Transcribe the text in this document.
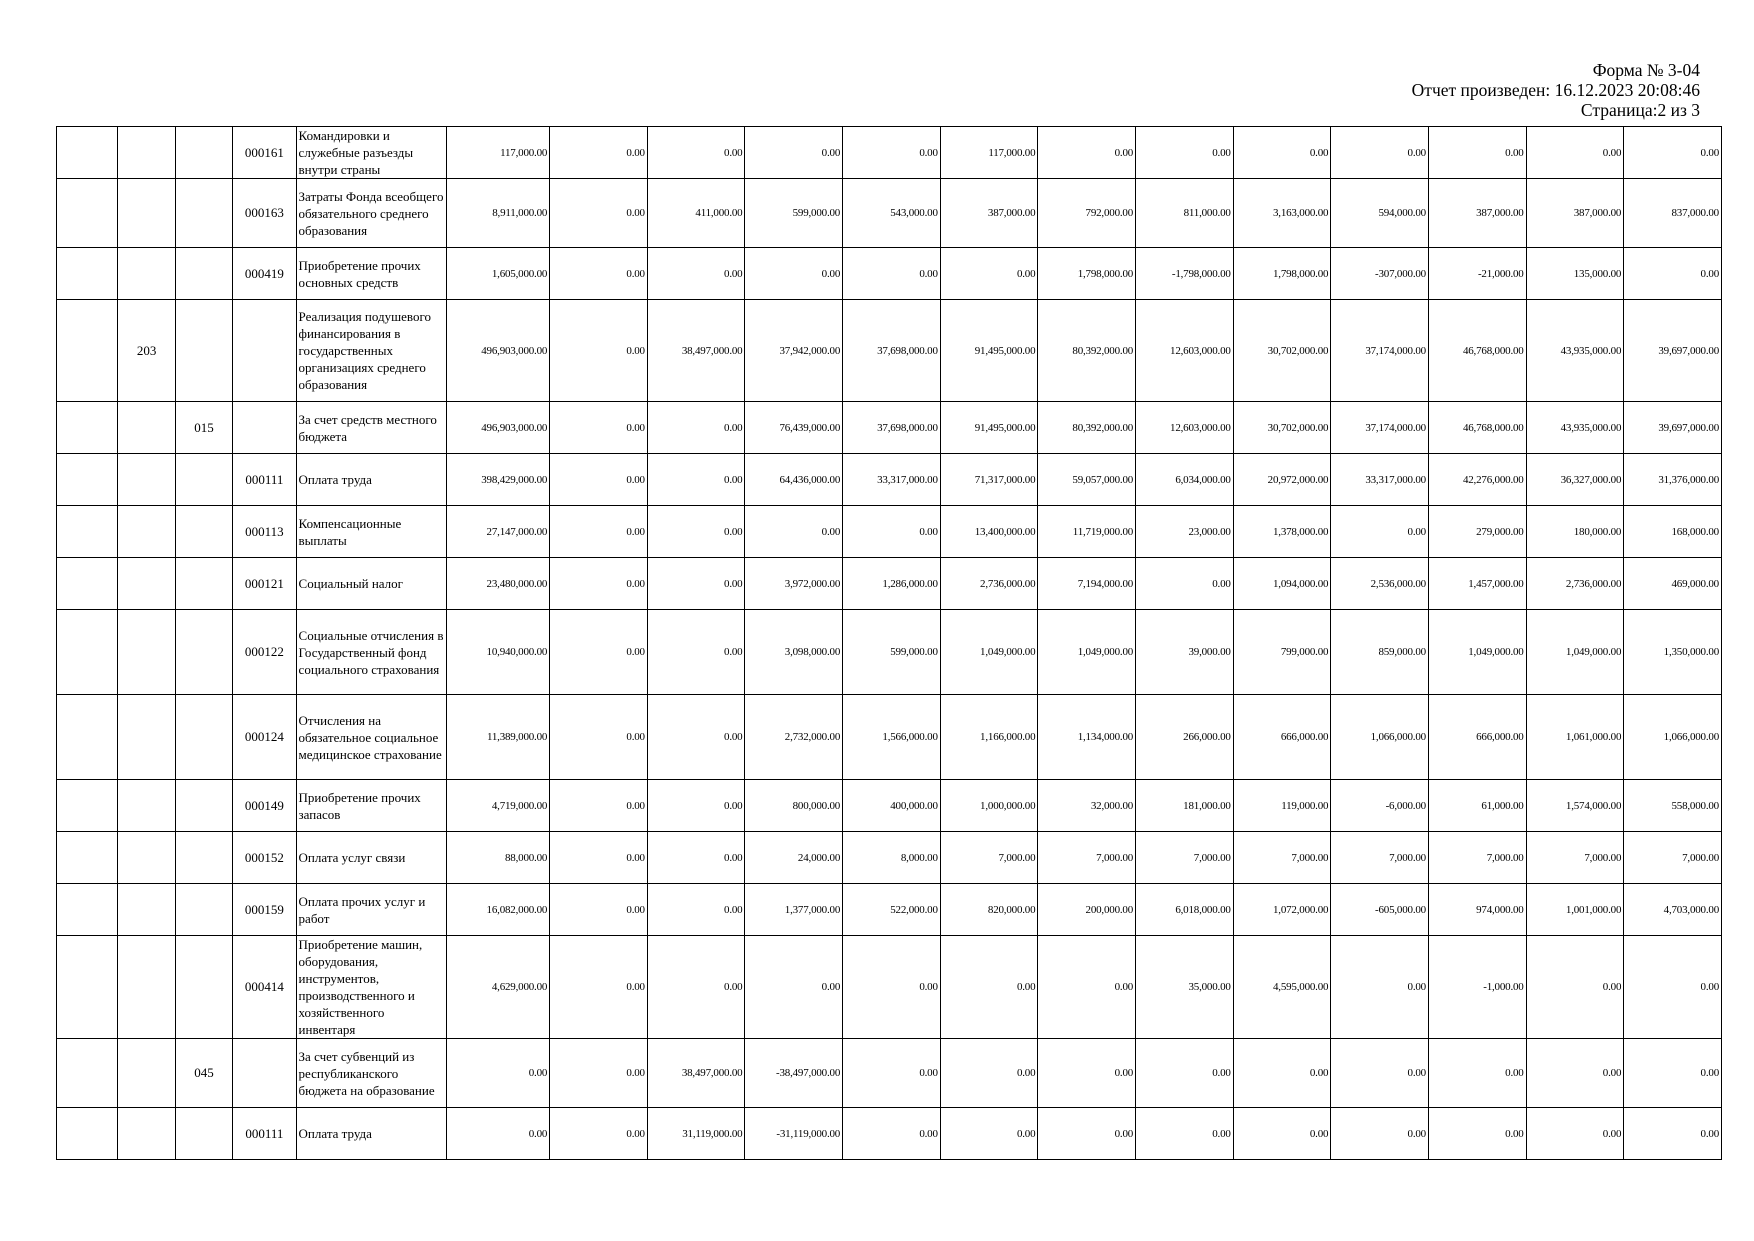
Форма № 3-04
Отчет произведен: 16.12.2023 20:08:46
Страница:2 из 3
			000161	Командировки и служебные разъезды внутри страны	117,000.00	0.00	0.00	0.00	0.00	117,000.00	0.00	0.00	0.00	0.00	0.00	0.00	0.00
			000163	Затраты Фонда всеобщего обязательного среднего образования	8,911,000.00	0.00	411,000.00	599,000.00	543,000.00	387,000.00	792,000.00	811,000.00	3,163,000.00	594,000.00	387,000.00	387,000.00	837,000.00
			000419	Приобретение прочих основных средств	1,605,000.00	0.00	0.00	0.00	0.00	0.00	1,798,000.00	-1,798,000.00	1,798,000.00	-307,000.00	-21,000.00	135,000.00	0.00
	203			Реализация подушевого финансирования в государственных организациях среднего образования	496,903,000.00	0.00	38,497,000.00	37,942,000.00	37,698,000.00	91,495,000.00	80,392,000.00	12,603,000.00	30,702,000.00	37,174,000.00	46,768,000.00	43,935,000.00	39,697,000.00
		015		За счет средств местного бюджета	496,903,000.00	0.00	0.00	76,439,000.00	37,698,000.00	91,495,000.00	80,392,000.00	12,603,000.00	30,702,000.00	37,174,000.00	46,768,000.00	43,935,000.00	39,697,000.00
			000111	Оплата труда	398,429,000.00	0.00	0.00	64,436,000.00	33,317,000.00	71,317,000.00	59,057,000.00	6,034,000.00	20,972,000.00	33,317,000.00	42,276,000.00	36,327,000.00	31,376,000.00
			000113	Компенсационные выплаты	27,147,000.00	0.00	0.00	0.00	0.00	13,400,000.00	11,719,000.00	23,000.00	1,378,000.00	0.00	279,000.00	180,000.00	168,000.00
			000121	Социальный налог	23,480,000.00	0.00	0.00	3,972,000.00	1,286,000.00	2,736,000.00	7,194,000.00	0.00	1,094,000.00	2,536,000.00	1,457,000.00	2,736,000.00	469,000.00
			000122	Социальные отчисления в Государственный фонд социального страхования	10,940,000.00	0.00	0.00	3,098,000.00	599,000.00	1,049,000.00	1,049,000.00	39,000.00	799,000.00	859,000.00	1,049,000.00	1,049,000.00	1,350,000.00
			000124	Отчисления на обязательное социальное медицинское страхование	11,389,000.00	0.00	0.00	2,732,000.00	1,566,000.00	1,166,000.00	1,134,000.00	266,000.00	666,000.00	1,066,000.00	666,000.00	1,061,000.00	1,066,000.00
			000149	Приобретение прочих запасов	4,719,000.00	0.00	0.00	800,000.00	400,000.00	1,000,000.00	32,000.00	181,000.00	119,000.00	-6,000.00	61,000.00	1,574,000.00	558,000.00
			000152	Оплата услуг связи	88,000.00	0.00	0.00	24,000.00	8,000.00	7,000.00	7,000.00	7,000.00	7,000.00	7,000.00	7,000.00	7,000.00	7,000.00
			000159	Оплата прочих услуг и работ	16,082,000.00	0.00	0.00	1,377,000.00	522,000.00	820,000.00	200,000.00	6,018,000.00	1,072,000.00	-605,000.00	974,000.00	1,001,000.00	4,703,000.00
			000414	Приобретение машин, оборудования, инструментов, производственного и хозяйственного инвентаря	4,629,000.00	0.00	0.00	0.00	0.00	0.00	0.00	35,000.00	4,595,000.00	0.00	-1,000.00	0.00	0.00
		045		За счет субвенций из республиканского бюджета на образование	0.00	0.00	38,497,000.00	-38,497,000.00	0.00	0.00	0.00	0.00	0.00	0.00	0.00	0.00	0.00
			000111	Оплата труда	0.00	0.00	31,119,000.00	-31,119,000.00	0.00	0.00	0.00	0.00	0.00	0.00	0.00	0.00	0.00
